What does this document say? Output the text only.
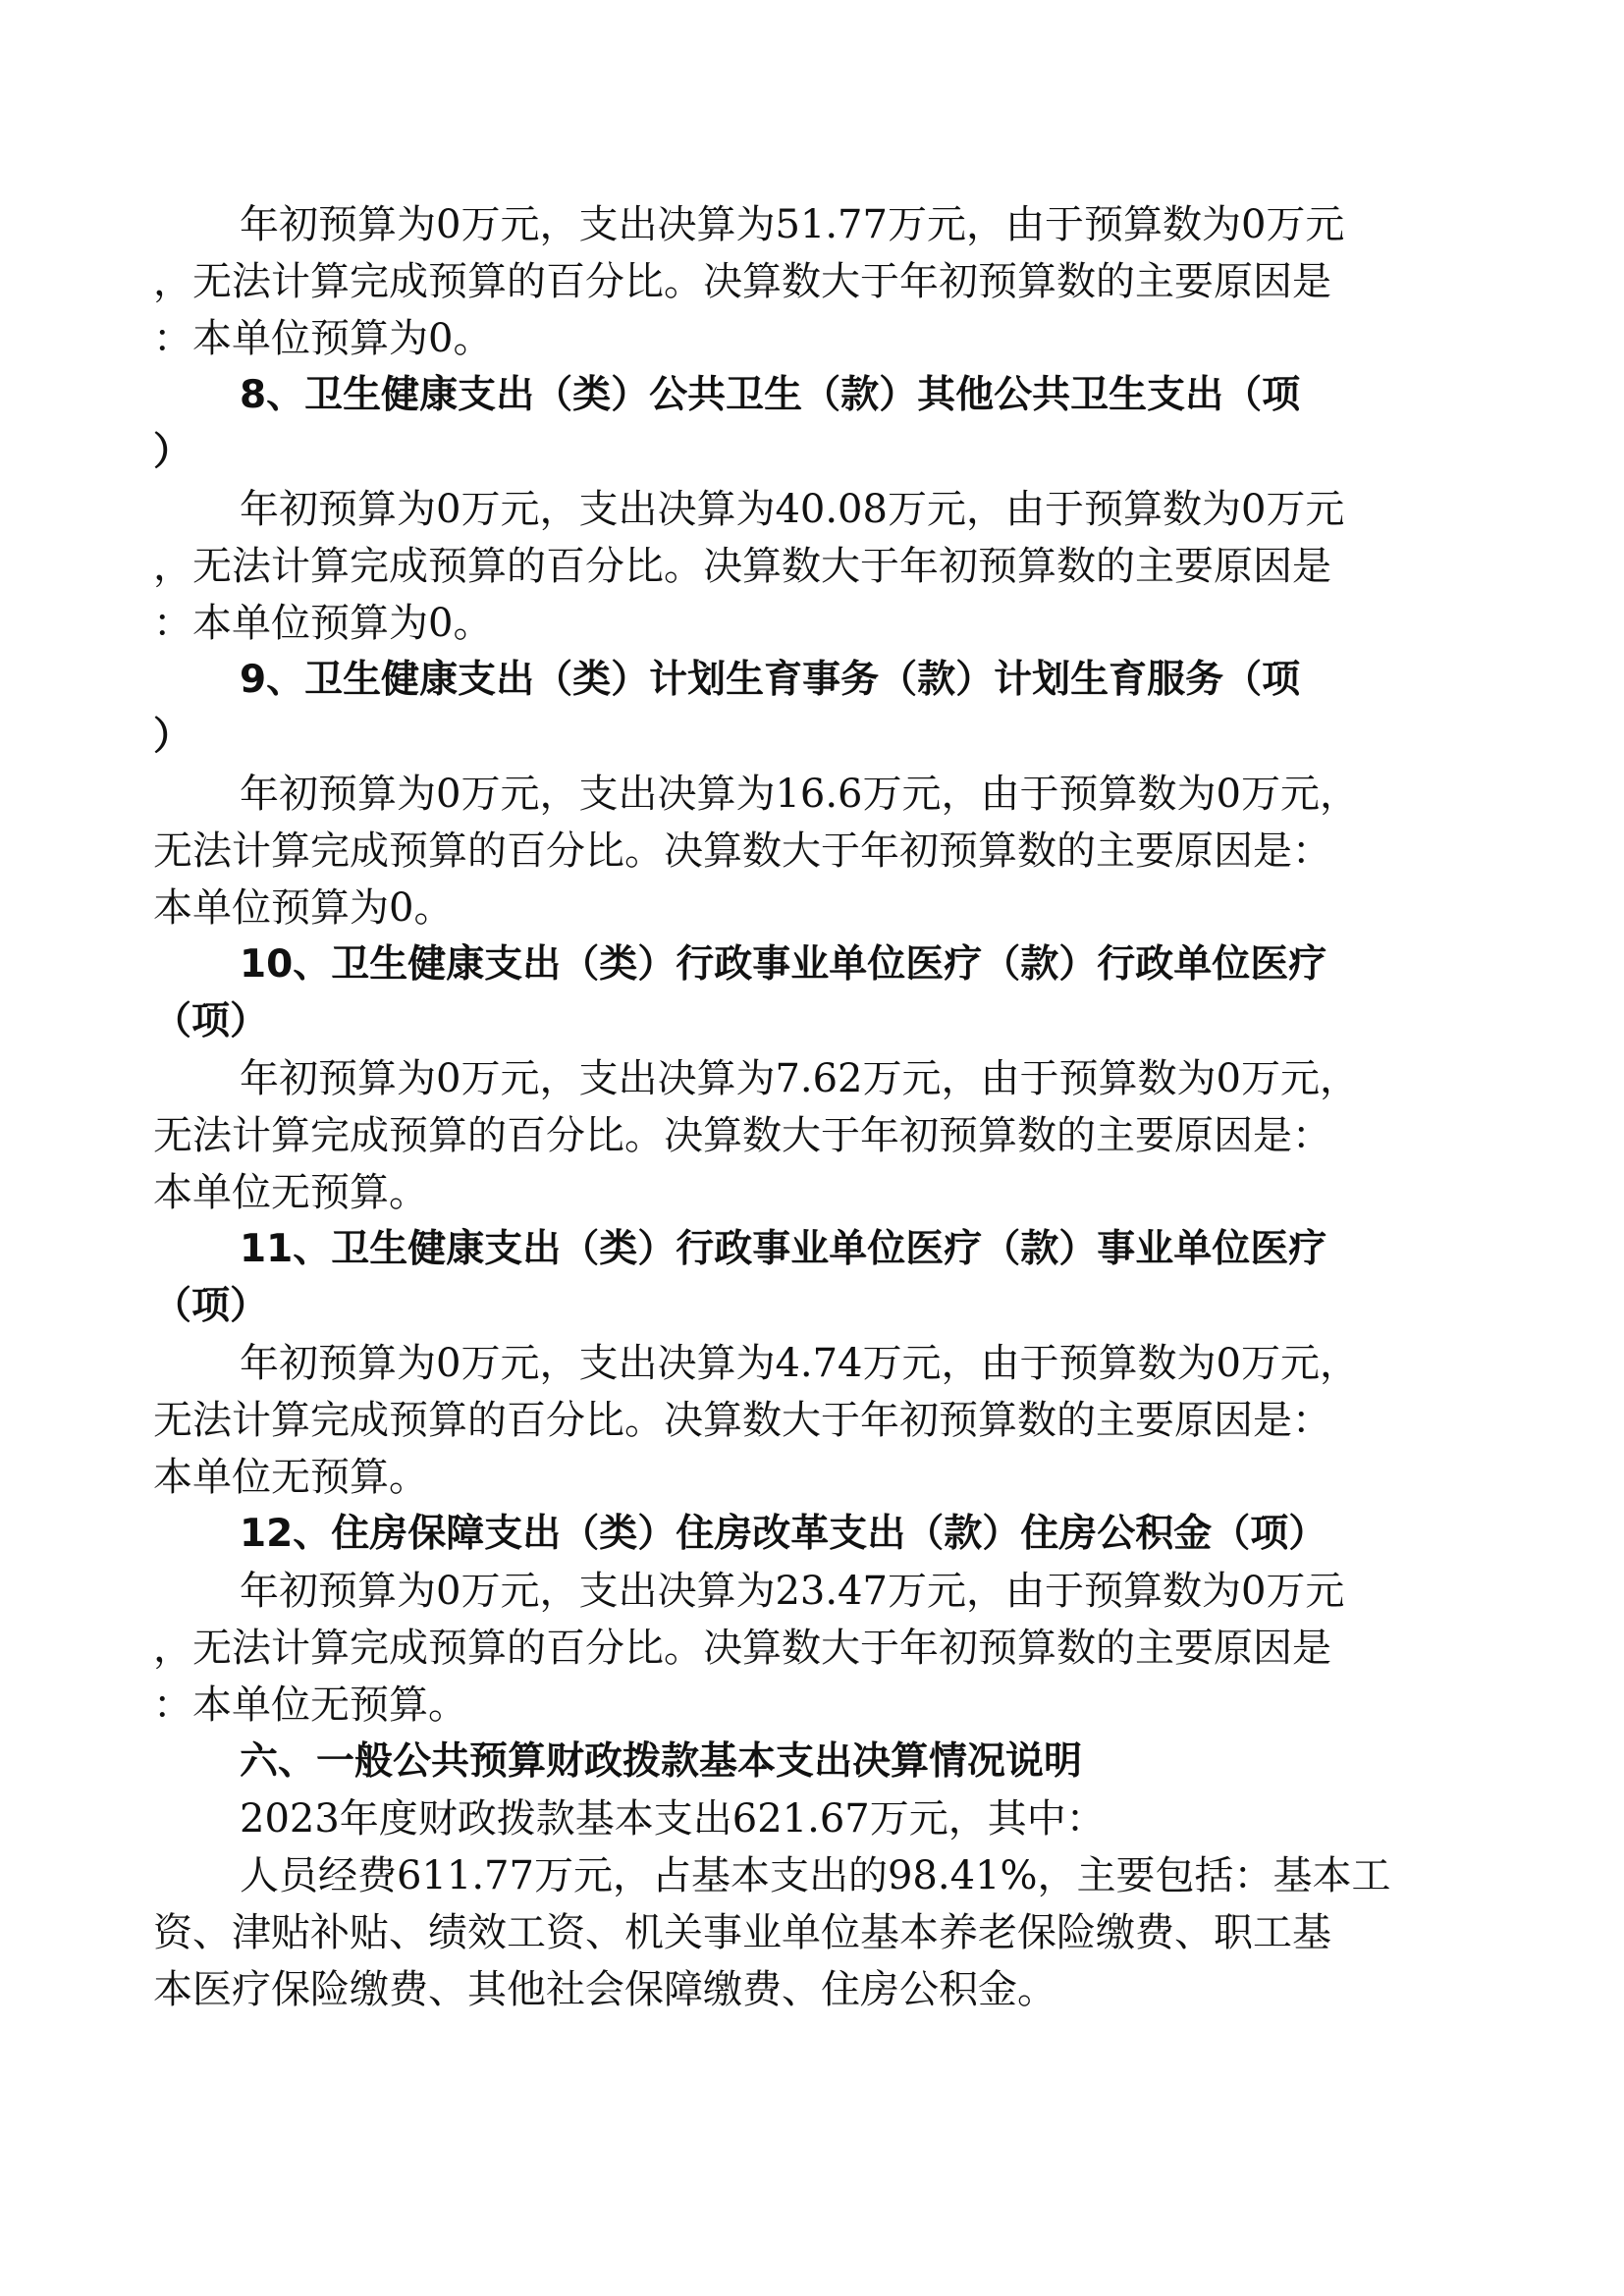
年初预算为0万元，支出决算为51.77万元，由于预算数为0万元
，无法计算完成预算的百分比。决算数大于年初预算数的主要原因是
：本单位预算为0。
8、卫生健康支出（类）公共卫生（款）其他公共卫生支出（项
）
年初预算为0万元，支出决算为40.08万元，由于预算数为0万元
，无法计算完成预算的百分比。决算数大于年初预算数的主要原因是
：本单位预算为0。
9、卫生健康支出（类）计划生育事务（款）计划生育服务（项
）
年初预算为0万元，支出决算为16.6万元，由于预算数为0万元，
无法计算完成预算的百分比。决算数大于年初预算数的主要原因是：
本单位预算为0。
10、卫生健康支出（类）行政事业单位医疗（款）行政单位医疗
（项）
年初预算为0万元，支出决算为7.62万元，由于预算数为0万元，
无法计算完成预算的百分比。决算数大于年初预算数的主要原因是：
本单位无预算。
11、卫生健康支出（类）行政事业单位医疗（款）事业单位医疗
（项）
年初预算为0万元，支出决算为4.74万元，由于预算数为0万元，
无法计算完成预算的百分比。决算数大于年初预算数的主要原因是：
本单位无预算。
12、住房保障支出（类）住房改革支出（款）住房公积金（项）
年初预算为0万元，支出决算为23.47万元，由于预算数为0万元
，无法计算完成预算的百分比。决算数大于年初预算数的主要原因是
：本单位无预算。
六、一般公共预算财政拨款基本支出决算情况说明
2023年度财政拨款基本支出621.67万元，其中：
人员经费611.77万元，占基本支出的98.41%，主要包括：基本工
资、津贴补贴、绩效工资、机关事业单位基本养老保险缴费、职工基
本医疗保险缴费、其他社会保障缴费、住房公积金。
